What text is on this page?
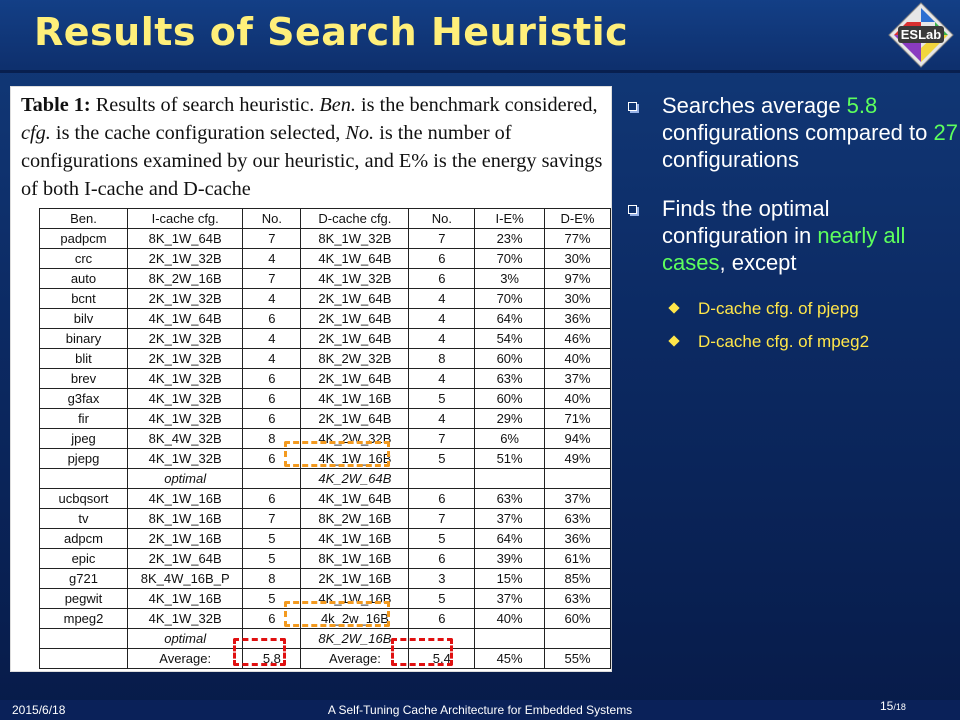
Results of Search Heuristic	ESLab
Table 1: Results of search heuristic. Ben. is the benchmark considered, cfg. is the cache configuration selected, No. is the number of configurations examined by our heuristic, and E% is the energy savings of both I-cache and D-cache
Ben.	I-cache cfg.	No.	D-cache cfg.	No.	I-E%	D-E%
padpcm	8K_1W_64B	7	8K_1W_32B	7	23%	77%
crc	2K_1W_32B	4	4K_1W_64B	6	70%	30%
auto	8K_2W_16B	7	4K_1W_32B	6	3%	97%
bcnt	2K_1W_32B	4	2K_1W_64B	4	70%	30%
bilv	4K_1W_64B	6	2K_1W_64B	4	64%	36%
binary	2K_1W_32B	4	2K_1W_64B	4	54%	46%
blit	2K_1W_32B	4	8K_2W_32B	8	60%	40%
brev	4K_1W_32B	6	2K_1W_64B	4	63%	37%
g3fax	4K_1W_32B	6	4K_1W_16B	5	60%	40%
fir	4K_1W_32B	6	2K_1W_64B	4	29%	71%
jpeg	8K_4W_32B	8	4K_2W_32B	7	6%	94%
pjepg	4K_1W_32B	6	4K_1W_16B	5	51%	49%
	optimal		4K_2W_64B			
ucbqsort	4K_1W_16B	6	4K_1W_64B	6	63%	37%
tv	8K_1W_16B	7	8K_2W_16B	7	37%	63%
adpcm	2K_1W_16B	5	4K_1W_16B	5	64%	36%
epic	2K_1W_64B	5	8K_1W_16B	6	39%	61%
g721	8K_4W_16B_P	8	2K_1W_16B	3	15%	85%
pegwit	4K_1W_16B	5	4K_1W_16B	5	37%	63%
mpeg2	4K_1W_32B	6	4k_2w_16B	6	40%	60%
	optimal		8K_2W_16B			
	Average:	5.8	Average:	5.4	45%	55%
Searches average 5.8 configurations compared to 27 configurations
Finds the optimal configuration in nearly all cases, except
D-cache cfg. of pjepg
D-cache cfg. of mpeg2
2015/6/18	A Self-Tuning Cache Architecture for Embedded Systems	15/18
